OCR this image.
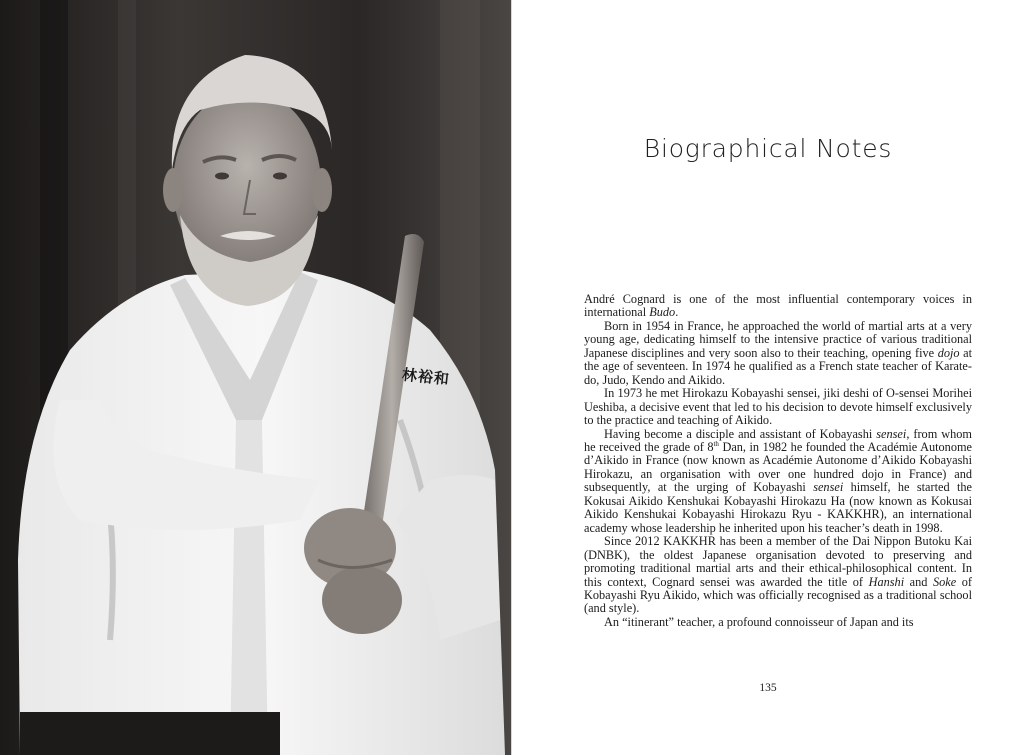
林裕和
Biographical Notes

André Cognard is one of the most influential contemporary voices in international Budo.

Born in 1954 in France, he approached the world of martial arts at a very young age, dedicating himself to the intensive practice of various traditional Japanese disciplines and very soon also to their teaching, opening five dojo at the age of seventeen. In 1974 he qualified as a French state teacher of Karate-do, Judo, Kendo and Aikido.

In 1973 he met Hirokazu Kobayashi sensei, jiki deshi of O-sensei Morihei Ueshiba, a decisive event that led to his decision to devote himself exclusively to the practice and teaching of Aikido.

Having become a disciple and assistant of Kobayashi sensei, from whom he received the grade of 8th Dan, in 1982 he founded the Académie Autonome d’Aikido in France (now known as Académie Autonome d’Aikido Kobayashi Hirokazu, an organisation with over one hundred dojo in France) and subsequently, at the urging of Kobayashi sensei himself, he started the Kokusai Aikido Kenshukai Kobayashi Hirokazu Ha (now known as Kokusai Aikido Kenshukai Kobayashi Hirokazu Ryu - KAKKHR), an international academy whose leadership he inherited upon his teacher’s death in 1998.

Since 2012 KAKKHR has been a member of the Dai Nippon Butoku Kai (DNBK), the oldest Japanese organisation devoted to preserving and promoting traditional martial arts and their ethical-philosophical content. In this context, Cognard sensei was awarded the title of Hanshi and Soke of Kobayashi Ryu Aikido, which was officially recognised as a traditional school (and style).

An “itinerant” teacher, a profound connoisseur of Japan and its

135
